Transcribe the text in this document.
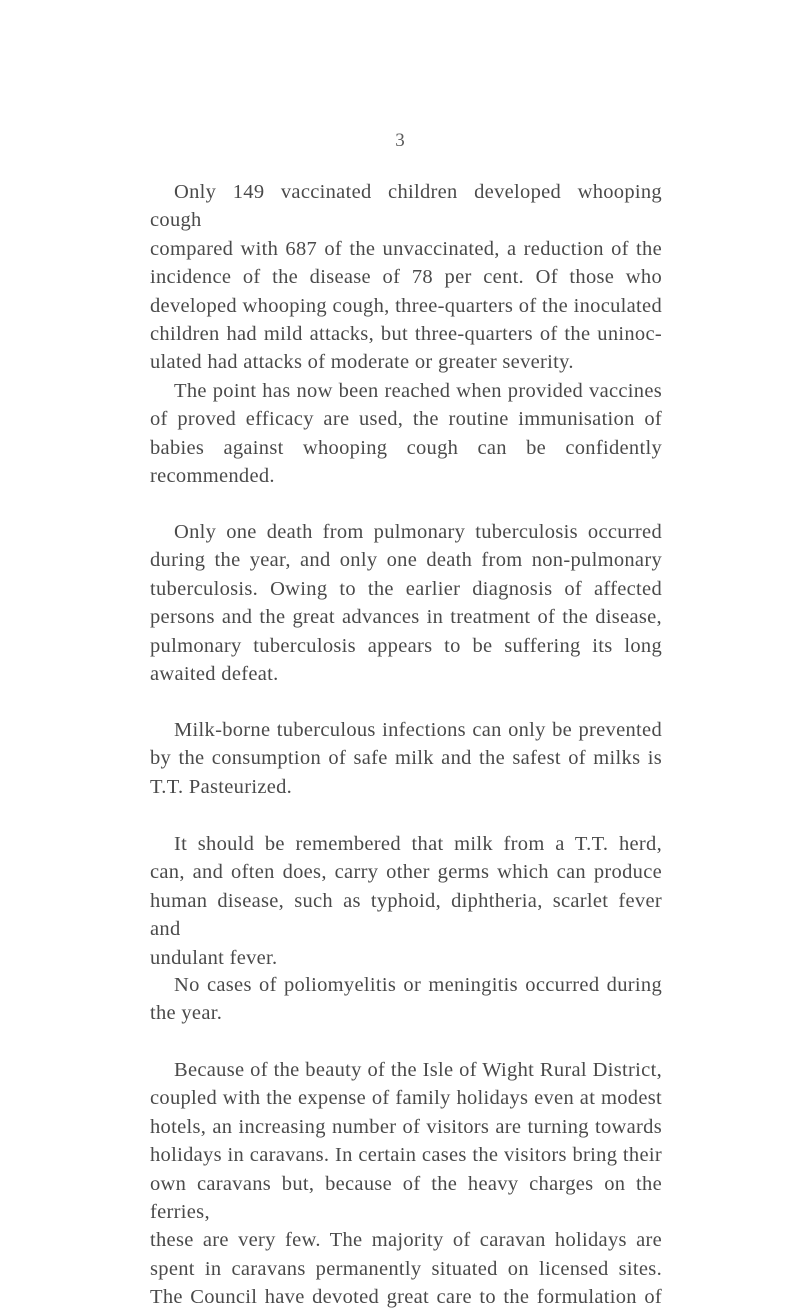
3
Only 149 vaccinated children developed whooping cough
compared with 687 of the unvaccinated, a reduction of the
incidence of the disease of 78 per cent. Of those who
developed whooping cough, three-quarters of the inoculated
children had mild attacks, but three-quarters of the uninoc-
ulated had attacks of moderate or greater severity.
The point has now been reached when provided vaccines
of proved efficacy are used, the routine immunisation of
babies against whooping cough can be confidently
recommended.
Only one death from pulmonary tuberculosis occurred
during the year, and only one death from non-pulmonary
tuberculosis. Owing to the earlier diagnosis of affected
persons and the great advances in treatment of the disease,
pulmonary tuberculosis appears to be suffering its long
awaited defeat.
Milk-borne tuberculous infections can only be prevented
by the consumption of safe milk and the safest of milks is
T.T. Pasteurized.
It should be remembered that milk from a T.T. herd,
can, and often does, carry other germs which can produce
human disease, such as typhoid, diphtheria, scarlet fever and
undulant fever.
No cases of poliomyelitis or meningitis occurred during
the year.
Because of the beauty of the Isle of Wight Rural District,
coupled with the expense of family holidays even at modest
hotels, an increasing number of visitors are turning towards
holidays in caravans. In certain cases the visitors bring their
own caravans but, because of the heavy charges on the ferries,
these are very few. The majority of caravan holidays are
spent in caravans permanently situated on licensed sites.
The Council have devoted great care to the formulation of
